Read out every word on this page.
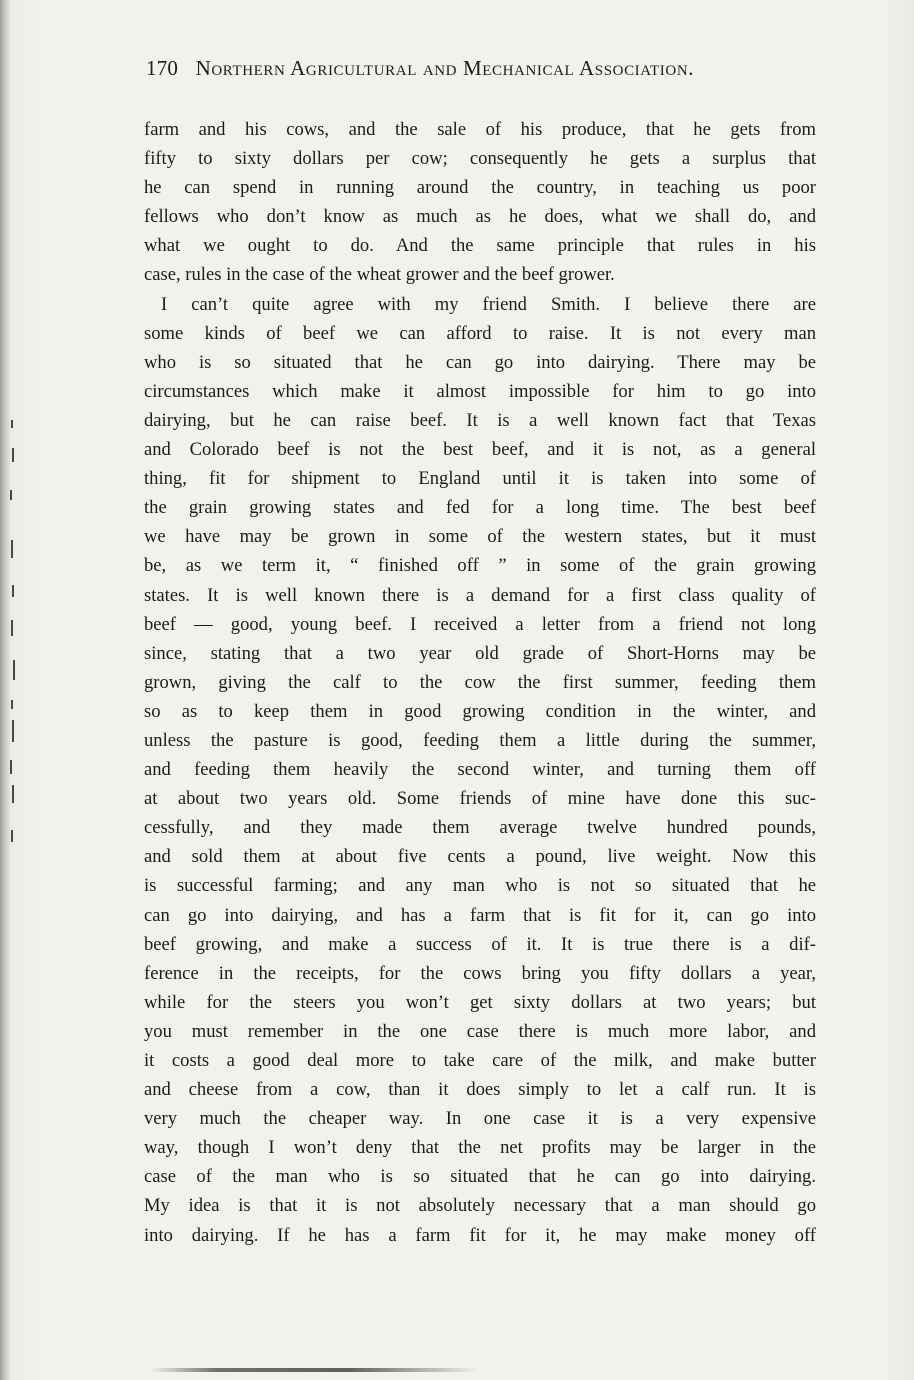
170 Northern Agricultural and Mechanical Association.
farm and his cows, and the sale of his produce, that he gets from
fifty to sixty dollars per cow; consequently he gets a surplus that
he can spend in running around the country, in teaching us poor
fellows who don’t know as much as he does, what we shall do, and
what we ought to do. And the same principle that rules in his
case, rules in the case of the wheat grower and the beef grower.
I can’t quite agree with my friend Smith. I believe there are
some kinds of beef we can afford to raise. It is not every man
who is so situated that he can go into dairying. There may be
circumstances which make it almost impossible for him to go into
dairying, but he can raise beef. It is a well known fact that Texas
and Colorado beef is not the best beef, and it is not, as a general
thing, fit for shipment to England until it is taken into some of
the grain growing states and fed for a long time. The best beef
we have may be grown in some of the western states, but it must
be, as we term it, “ finished off ” in some of the grain growing
states. It is well known there is a demand for a first class quality of
beef — good, young beef. I received a letter from a friend not long
since, stating that a two year old grade of Short-Horns may be
grown, giving the calf to the cow the first summer, feeding them
so as to keep them in good growing condition in the winter, and
unless the pasture is good, feeding them a little during the summer,
and feeding them heavily the second winter, and turning them off
at about two years old. Some friends of mine have done this suc-
cessfully, and they made them average twelve hundred pounds,
and sold them at about five cents a pound, live weight. Now this
is successful farming; and any man who is not so situated that he
can go into dairying, and has a farm that is fit for it, can go into
beef growing, and make a success of it. It is true there is a dif-
ference in the receipts, for the cows bring you fifty dollars a year,
while for the steers you won’t get sixty dollars at two years; but
you must remember in the one case there is much more labor, and
it costs a good deal more to take care of the milk, and make butter
and cheese from a cow, than it does simply to let a calf run. It is
very much the cheaper way. In one case it is a very expensive
way, though I won’t deny that the net profits may be larger in the
case of the man who is so situated that he can go into dairying.
My idea is that it is not absolutely necessary that a man should go
into dairying. If he has a farm fit for it, he may make money off
